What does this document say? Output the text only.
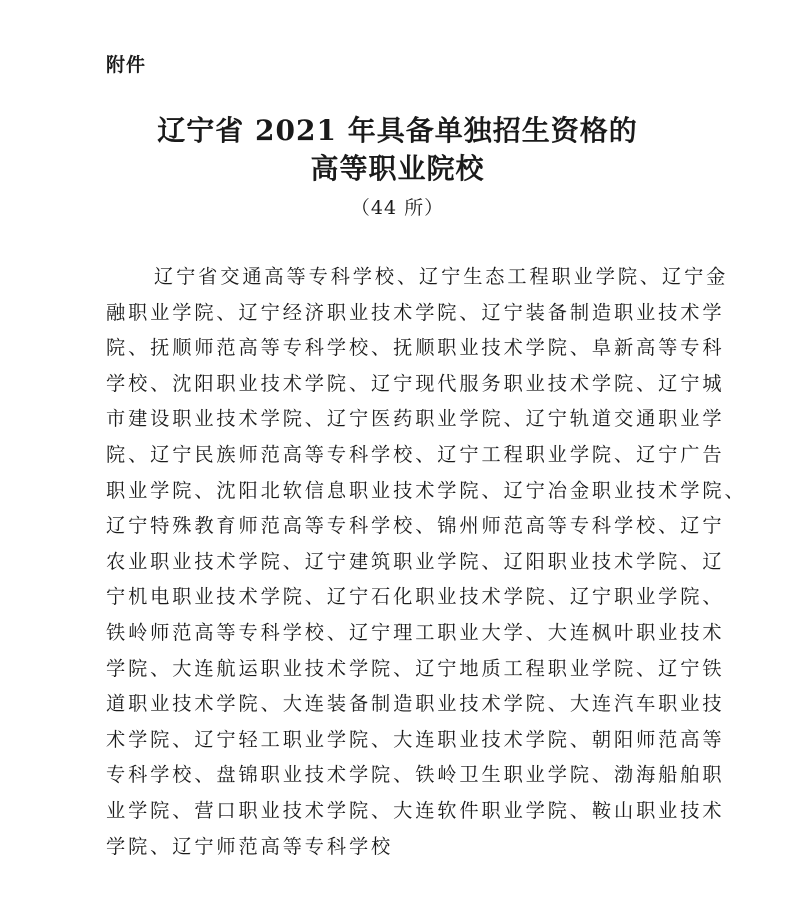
附件
辽宁省 2021 年具备单独招生资格的
高等职业院校
（44 所）
辽宁省交通高等专科学校、辽宁生态工程职业学院、辽宁金
融职业学院、辽宁经济职业技术学院、辽宁装备制造职业技术学
院、抚顺师范高等专科学校、抚顺职业技术学院、阜新高等专科
学校、沈阳职业技术学院、辽宁现代服务职业技术学院、辽宁城
市建设职业技术学院、辽宁医药职业学院、辽宁轨道交通职业学
院、辽宁民族师范高等专科学校、辽宁工程职业学院、辽宁广告
职业学院、沈阳北软信息职业技术学院、辽宁冶金职业技术学院、
辽宁特殊教育师范高等专科学校、锦州师范高等专科学校、辽宁
农业职业技术学院、辽宁建筑职业学院、辽阳职业技术学院、辽
宁机电职业技术学院、辽宁石化职业技术学院、辽宁职业学院、
铁岭师范高等专科学校、辽宁理工职业大学、大连枫叶职业技术
学院、大连航运职业技术学院、辽宁地质工程职业学院、辽宁铁
道职业技术学院、大连装备制造职业技术学院、大连汽车职业技
术学院、辽宁轻工职业学院、大连职业技术学院、朝阳师范高等
专科学校、盘锦职业技术学院、铁岭卫生职业学院、渤海船舶职
业学院、营口职业技术学院、大连软件职业学院、鞍山职业技术
学院、辽宁师范高等专科学校
